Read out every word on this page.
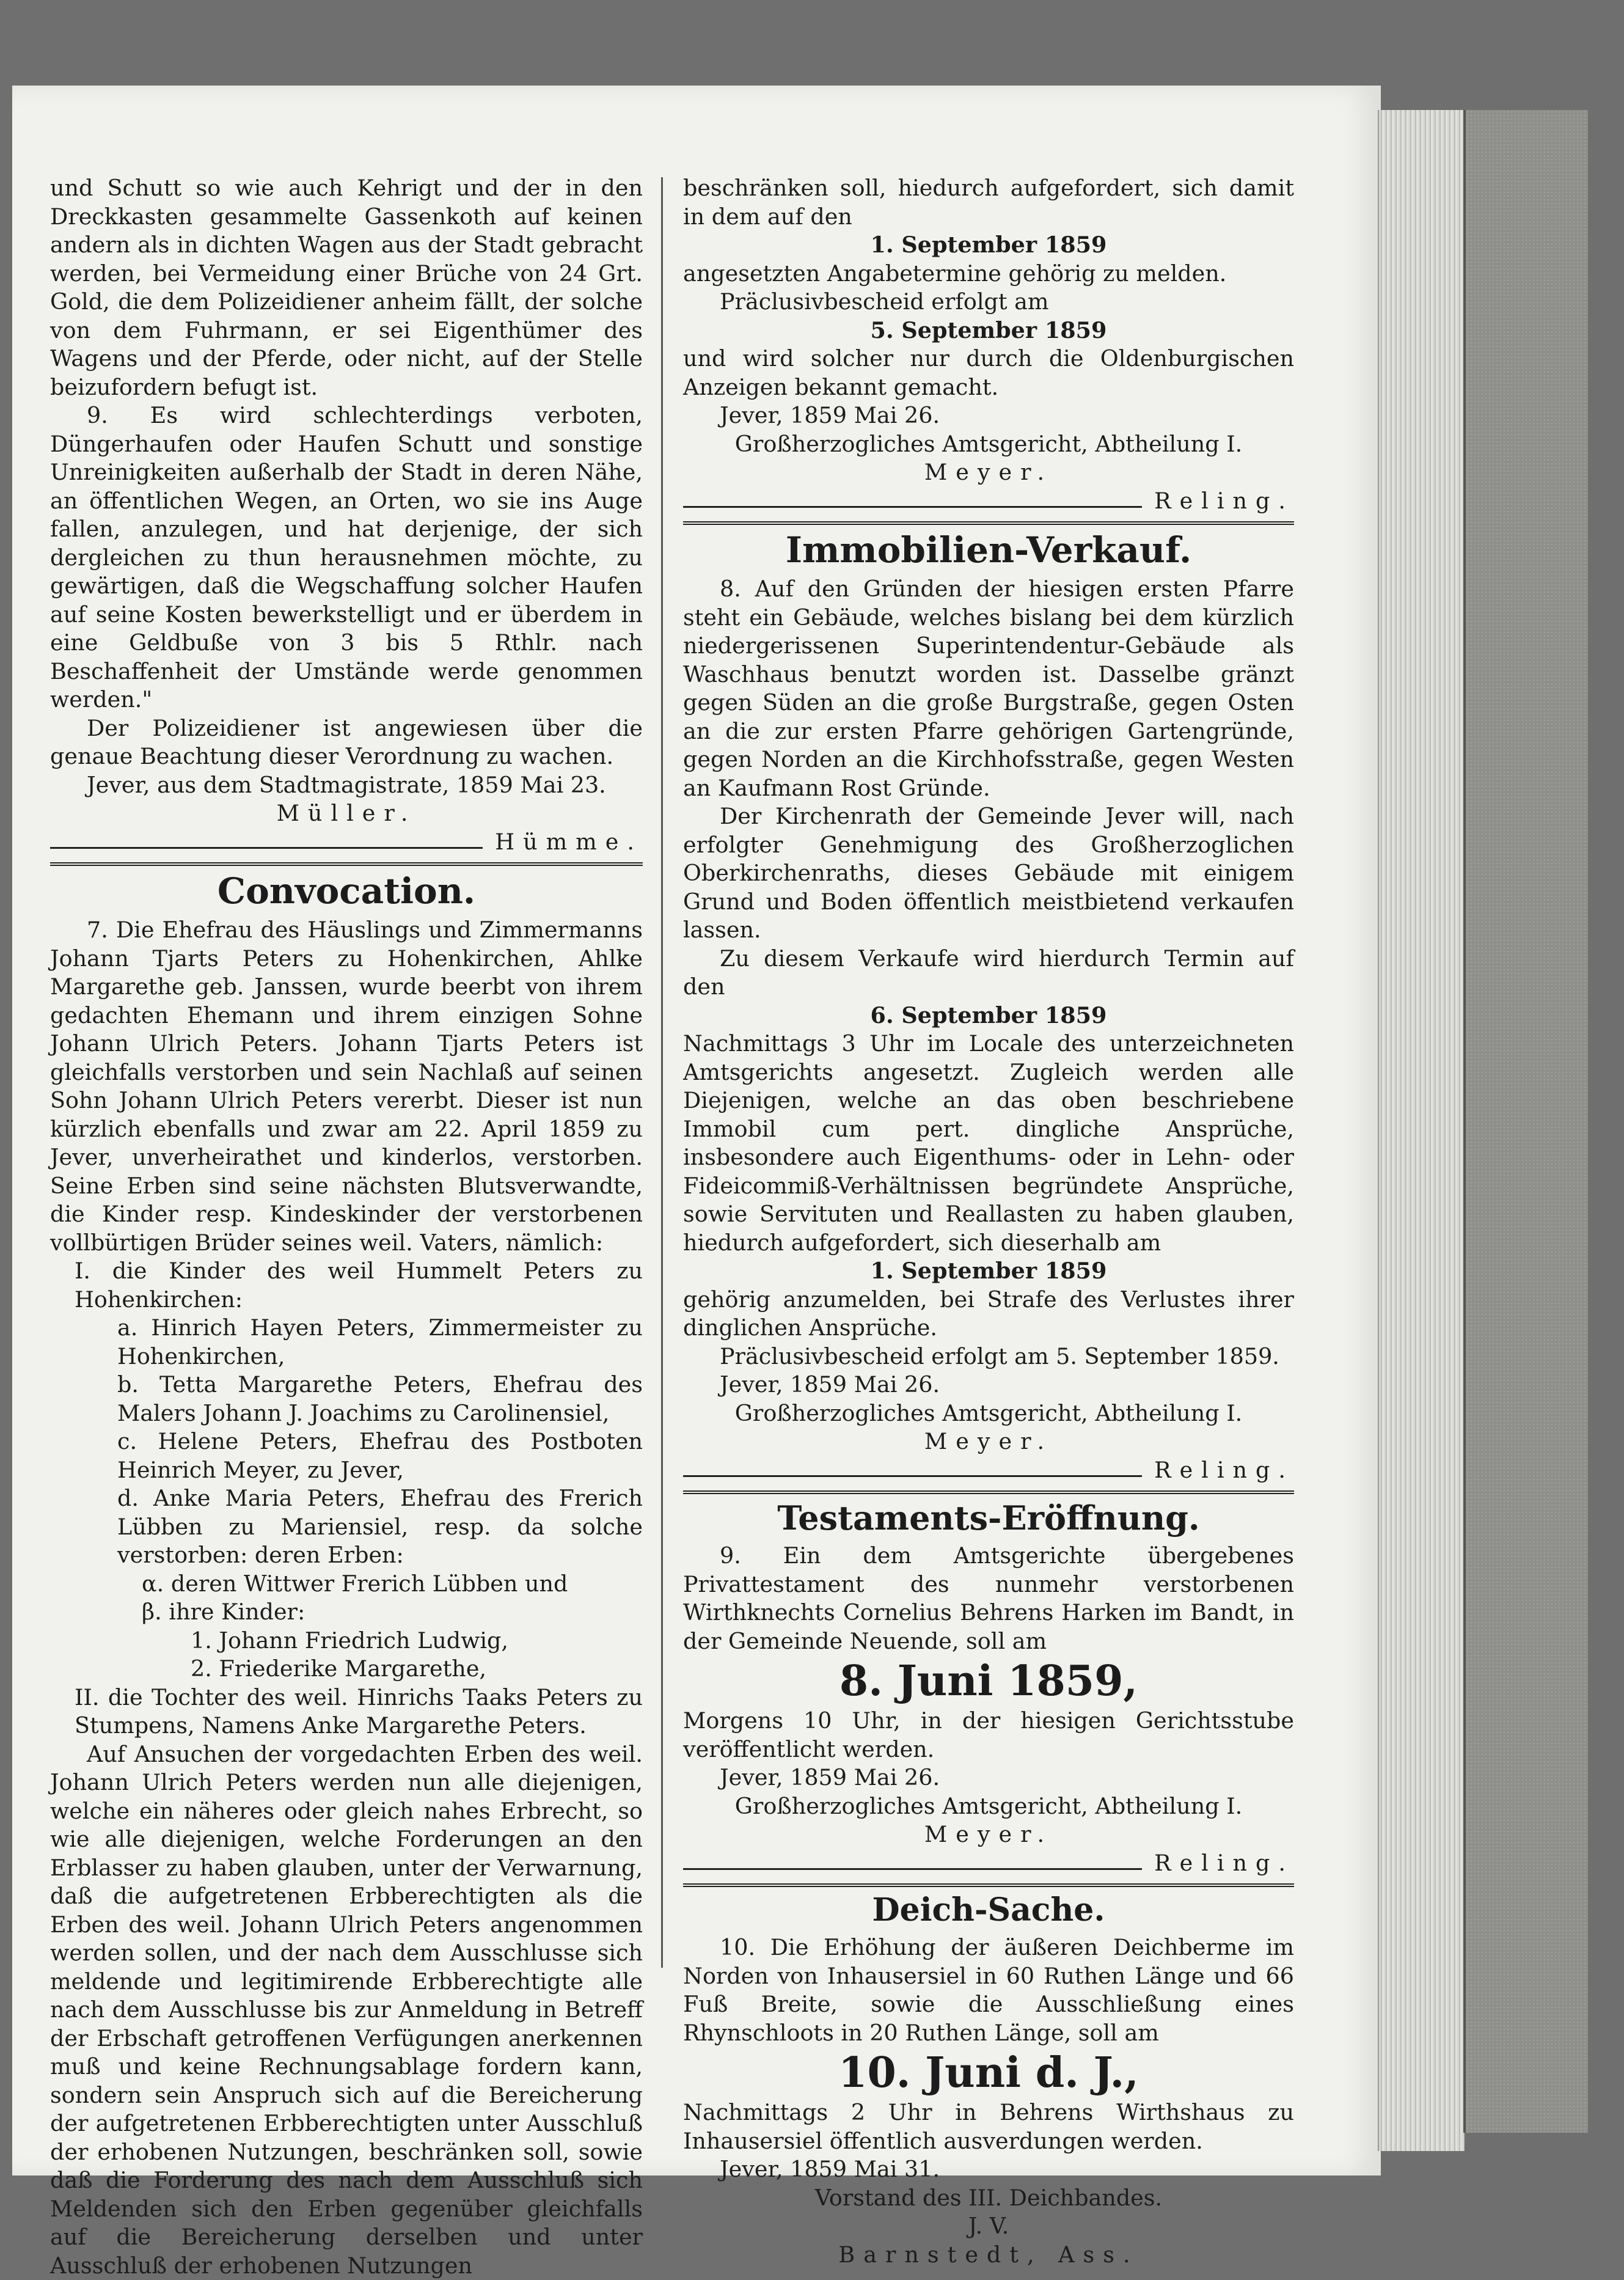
und Schutt so wie auch Kehrigt und der in den Dreckkasten gesammelte Gassenkoth auf keinen andern als in dichten Wagen aus der Stadt gebracht werden, bei Vermeidung einer Brüche von 24 Grt. Gold, die dem Polizeidiener anheim fällt, der solche von dem Fuhrmann, er sei Eigenthümer des Wagens und der Pferde, oder nicht, auf der Stelle beizufordern befugt ist.

9. Es wird schlechterdings verboten, Düngerhaufen oder Haufen Schutt und sonstige Unreinigkeiten außerhalb der Stadt in deren Nähe, an öffentlichen Wegen, an Orten, wo sie ins Auge fallen, anzulegen, und hat derjenige, der sich dergleichen zu thun herausnehmen möchte, zu gewärtigen, daß die Wegschaffung solcher Haufen auf seine Kosten bewerkstelligt und er überdem in eine Geldbuße von 3 bis 5 Rthlr. nach Beschaffenheit der Umstände werde genommen werden."

Der Polizeidiener ist angewiesen über die genaue Beachtung dieser Verordnung zu wachen.

Jever, aus dem Stadtmagistrate, 1859 Mai 23.

Müller.

Hümme.
Convocation.

7. Die Ehefrau des Häuslings und Zimmermanns Johann Tjarts Peters zu Hohenkirchen, Ahlke Margarethe geb. Janssen, wurde beerbt von ihrem gedachten Ehemann und ihrem einzigen Sohne Johann Ulrich Peters. Johann Tjarts Peters ist gleichfalls verstorben und sein Nachlaß auf seinen Sohn Johann Ulrich Peters vererbt. Dieser ist nun kürzlich ebenfalls und zwar am 22. April 1859 zu Jever, unverheirathet und kinderlos, verstorben. Seine Erben sind seine nächsten Blutsverwandte, die Kinder resp. Kindeskinder der verstorbenen vollbürtigen Brüder seines weil. Vaters, nämlich:

I. die Kinder des weil Hummelt Peters zu Hohenkirchen:

a. Hinrich Hayen Peters, Zimmermeister zu Hohenkirchen,

b. Tetta Margarethe Peters, Ehefrau des Malers Johann J. Joachims zu Carolinensiel,

c. Helene Peters, Ehefrau des Postboten Heinrich Meyer, zu Jever,

d. Anke Maria Peters, Ehefrau des Frerich Lübben zu Mariensiel, resp. da solche verstorben: deren Erben:

α. deren Wittwer Frerich Lübben und

β. ihre Kinder:

1. Johann Friedrich Ludwig,

2. Friederike Margarethe,

II. die Tochter des weil. Hinrichs Taaks Peters zu Stumpens, Namens Anke Margarethe Peters.

Auf Ansuchen der vorgedachten Erben des weil. Johann Ulrich Peters werden nun alle diejenigen, welche ein näheres oder gleich nahes Erbrecht, so wie alle diejenigen, welche Forderungen an den Erblasser zu haben glauben, unter der Verwarnung, daß die aufgetretenen Erbberechtigten als die Erben des weil. Johann Ulrich Peters angenommen werden sollen, und der nach dem Ausschlusse sich meldende und legitimirende Erbberechtigte alle nach dem Ausschlusse bis zur Anmeldung in Betreff der Erbschaft getroffenen Verfügungen anerkennen muß und keine Rechnungsablage fordern kann, sondern sein Anspruch sich auf die Bereicherung der aufgetretenen Erbberechtigten unter Ausschluß der erhobenen Nutzungen, beschränken soll, sowie daß die Forderung des nach dem Ausschluß sich Meldenden sich den Erben gegenüber gleichfalls auf die Bereicherung derselben und unter Ausschluß der erhobenen Nutzungen

beschränken soll, hiedurch aufgefordert, sich damit in dem auf den

1. September 1859

angesetzten Angabetermine gehörig zu melden.

Präclusivbescheid erfolgt am

5. September 1859

und wird solcher nur durch die Oldenburgischen Anzeigen bekannt gemacht.

Jever, 1859 Mai 26.

Großherzogliches Amtsgericht, Abtheilung I.

Meyer.

Reling.
Immobilien-Verkauf.

8. Auf den Gründen der hiesigen ersten Pfarre steht ein Gebäude, welches bislang bei dem kürzlich niedergerissenen Superintendentur-Gebäude als Waschhaus benutzt worden ist. Dasselbe gränzt gegen Süden an die große Burgstraße, gegen Osten an die zur ersten Pfarre gehörigen Gartengründe, gegen Norden an die Kirchhofsstraße, gegen Westen an Kaufmann Rost Gründe.

Der Kirchenrath der Gemeinde Jever will, nach erfolgter Genehmigung des Großherzoglichen Oberkirchenraths, dieses Gebäude mit einigem Grund und Boden öffentlich meistbietend verkaufen lassen.

Zu diesem Verkaufe wird hierdurch Termin auf den

6. September 1859

Nachmittags 3 Uhr im Locale des unterzeichneten Amtsgerichts angesetzt. Zugleich werden alle Diejenigen, welche an das oben beschriebene Immobil cum pert. dingliche Ansprüche, insbesondere auch Eigenthums- oder in Lehn- oder Fideicommiß-Verhältnissen begründete Ansprüche, sowie Servituten und Reallasten zu haben glauben, hiedurch aufgefordert, sich dieserhalb am

1. September 1859

gehörig anzumelden, bei Strafe des Verlustes ihrer dinglichen Ansprüche.

Präclusivbescheid erfolgt am 5. September 1859.

Jever, 1859 Mai 26.

Großherzogliches Amtsgericht, Abtheilung I.

Meyer.

Reling.
Testaments-Eröffnung.

9. Ein dem Amtsgerichte übergebenes Privattestament des nunmehr verstorbenen Wirthknechts Cornelius Behrens Harken im Bandt, in der Gemeinde Neuende, soll am

8. Juni 1859,

Morgens 10 Uhr, in der hiesigen Gerichtsstube veröffentlicht werden.

Jever, 1859 Mai 26.

Großherzogliches Amtsgericht, Abtheilung I.

Meyer.

Reling.
Deich-Sache.

10. Die Erhöhung der äußeren Deichberme im Norden von Inhausersiel in 60 Ruthen Länge und 66 Fuß Breite, sowie die Ausschließung eines Rhynschloots in 20 Ruthen Länge, soll am

10. Juni d. J.,

Nachmittags 2 Uhr in Behrens Wirthshaus zu Inhausersiel öffentlich ausverdungen werden.

Jever, 1859 Mai 31.

Vorstand des III. Deichbandes.

J. V.

Barnstedt, Ass.
